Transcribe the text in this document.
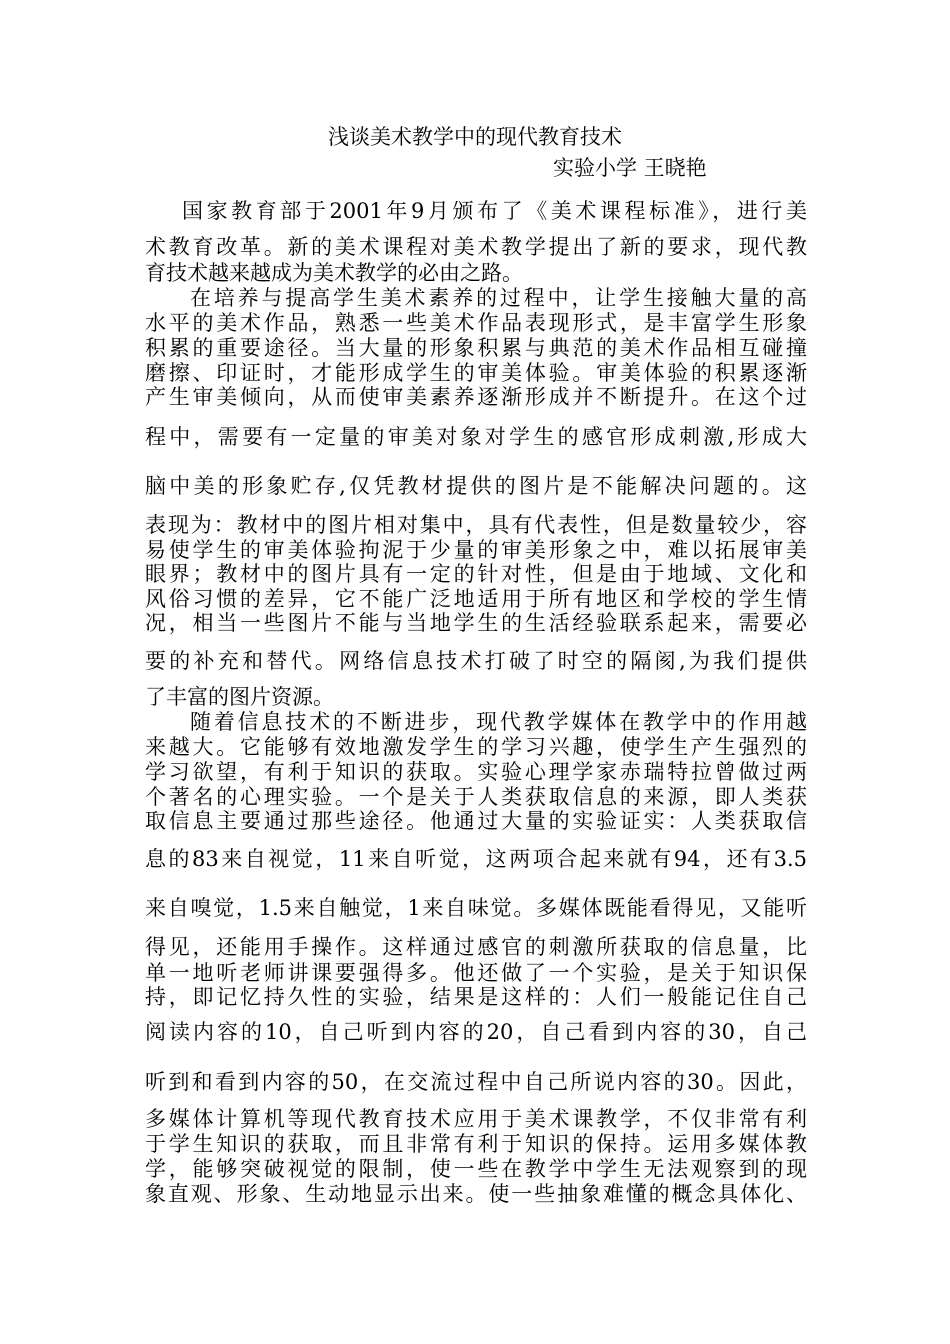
浅谈美术教学中的现代教育技术
实验小学 王晓艳
国家教育部于2001年9月颁布了《美术课程标准》，进行美
术教育改革。新的美术课程对美术教学提出了新的要求，现代教
育技术越来越成为美术教学的必由之路。
在培养与提高学生美术素养的过程中，让学生接触大量的高
水平的美术作品，熟悉一些美术作品表现形式，是丰富学生形象
积累的重要途径。当大量的形象积累与典范的美术作品相互碰撞
磨擦、印证时，才能形成学生的审美体验。审美体验的积累逐渐
产生审美倾向，从而使审美素养逐渐形成并不断提升。在这个过
程中，需要有一定量的审美对象对学生的感官形成刺激,形成大
脑中美的形象贮存,仅凭教材提供的图片是不能解决问题的。这
表现为：教材中的图片相对集中，具有代表性，但是数量较少，容
易使学生的审美体验拘泥于少量的审美形象之中，难以拓展审美
眼界；教材中的图片具有一定的针对性，但是由于地域、文化和
风俗习惯的差异，它不能广泛地适用于所有地区和学校的学生情
况，相当一些图片不能与当地学生的生活经验联系起来，需要必
要的补充和替代。网络信息技术打破了时空的隔阂,为我们提供
了丰富的图片资源。
随着信息技术的不断进步，现代教学媒体在教学中的作用越
来越大。它能够有效地激发学生的学习兴趣，使学生产生强烈的
学习欲望，有利于知识的获取。实验心理学家赤瑞特拉曾做过两
个著名的心理实验。一个是关于人类获取信息的来源，即人类获
取信息主要通过那些途径。他通过大量的实验证实：人类获取信
息的83来自视觉，11来自听觉，这两项合起来就有94，还有3.5
来自嗅觉，1.5来自触觉，1来自味觉。多媒体既能看得见，又能听
得见，还能用手操作。这样通过感官的刺激所获取的信息量，比
单一地听老师讲课要强得多。他还做了一个实验，是关于知识保
持，即记忆持久性的实验，结果是这样的：人们一般能记住自己
阅读内容的10，自己听到内容的20，自己看到内容的30，自己
听到和看到内容的50，在交流过程中自己所说内容的30。因此，
多媒体计算机等现代教育技术应用于美术课教学，不仅非常有利
于学生知识的获取，而且非常有利于知识的保持。运用多媒体教
学，能够突破视觉的限制，使一些在教学中学生无法观察到的现
象直观、形象、生动地显示出来。使一些抽象难懂的概念具体化、
